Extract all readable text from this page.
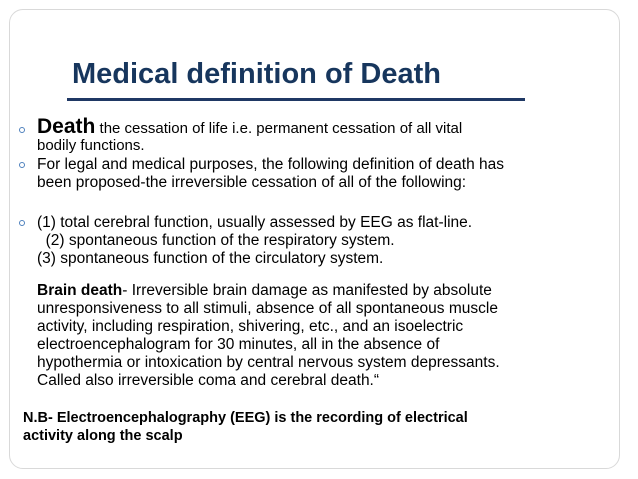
Medical definition of Death
Death the cessation of life i.e. permanent cessation of all vital
bodily functions.
For legal and medical purposes, the following definition of death has
been proposed-the irreversible cessation of all of the following:
(1) total cerebral function, usually assessed by EEG as flat-line.
(2) spontaneous function of the respiratory system.
(3) spontaneous function of the circulatory system.
Brain death- Irreversible brain damage as manifested by absolute
unresponsiveness to all stimuli, absence of all spontaneous muscle
activity, including respiration, shivering, etc., and an isoelectric
electroencephalogram for 30 minutes, all in the absence of
hypothermia or intoxication by central nervous system depressants.
Called also irreversible coma and cerebral death.“
N.B- Electroencephalography (EEG) is the recording of electrical
activity along the scalp
